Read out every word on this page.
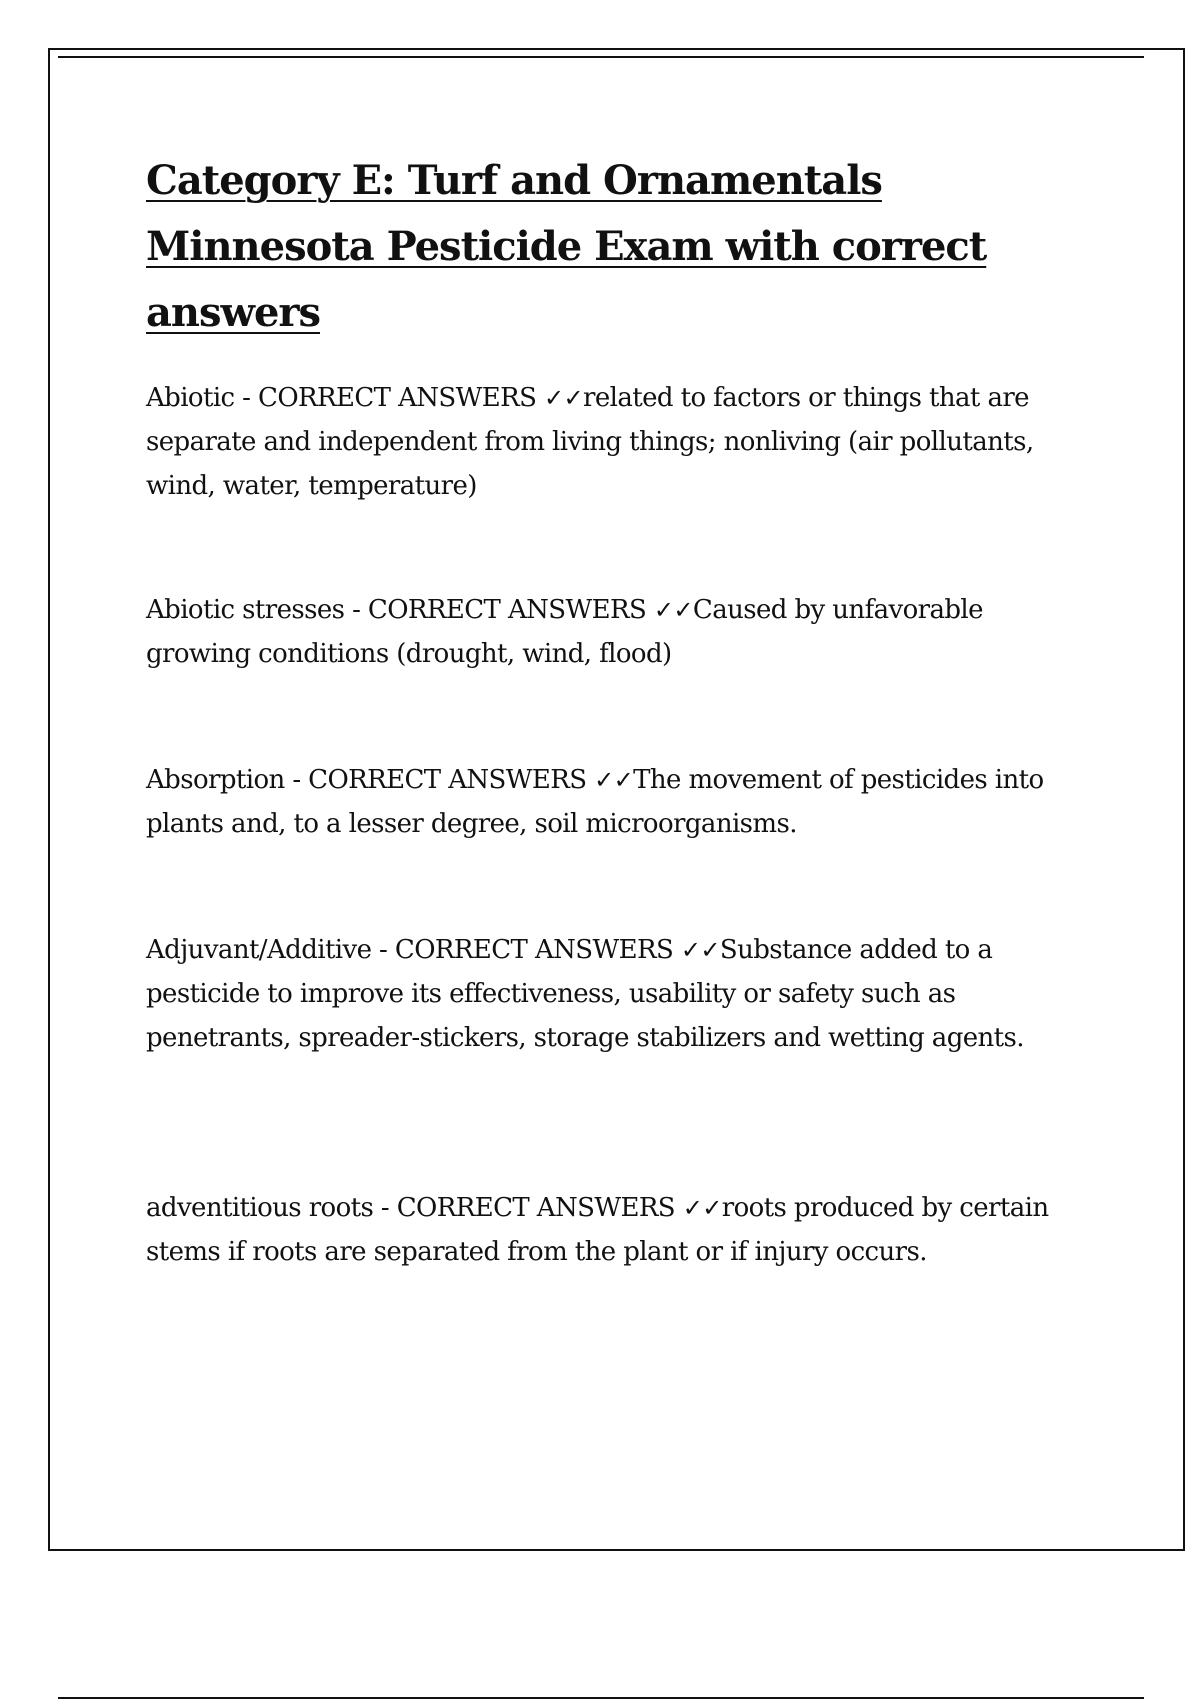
Category E: Turf and Ornamentals Minnesota Pesticide Exam with correct answers

Abiotic - CORRECT ANSWERS ✓✓related to factors or things that are separate and independent from living things; nonliving (air pollutants, wind, water, temperature)

Abiotic stresses - CORRECT ANSWERS ✓✓Caused by unfavorable growing conditions (drought, wind, flood)

Absorption - CORRECT ANSWERS ✓✓The movement of pesticides into plants and, to a lesser degree, soil microorganisms.

Adjuvant/Additive - CORRECT ANSWERS ✓✓Substance added to a pesticide to improve its effectiveness, usability or safety such as penetrants, spreader-stickers, storage stabilizers and wetting agents.

adventitious roots - CORRECT ANSWERS ✓✓roots produced by certain stems if roots are separated from the plant or if injury occurs.
